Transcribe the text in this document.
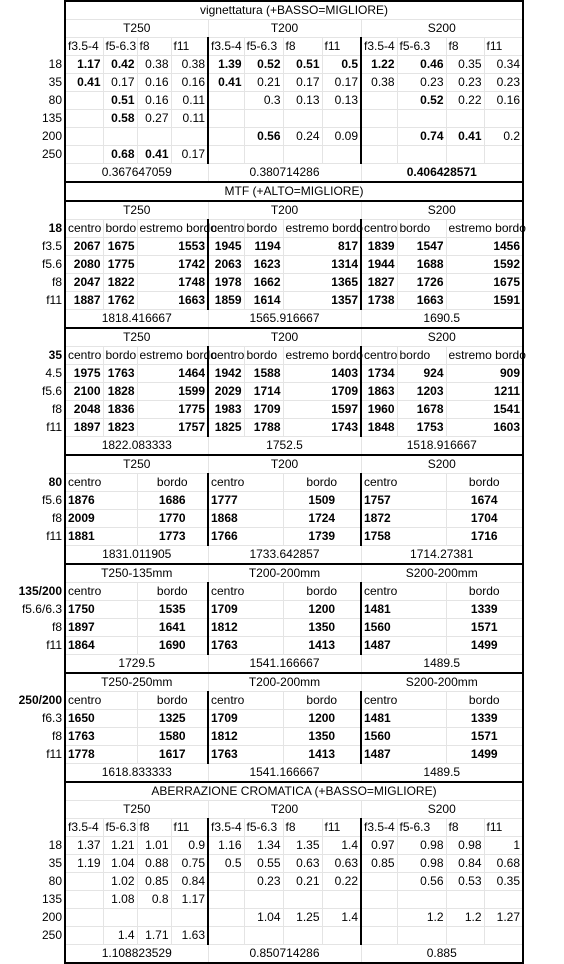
	vignettatura (+BASSO=MIGLIORE)											
	T250				T200				S200			
	f3.5-4	f5-6.3	f8	f11	f3.5-4	f5-6.3	f8	f11	f3.5-4	f5-6.3	f8	f11
18	1.17	0.42	0.38	0.38	1.39	0.52	0.51	0.5	1.22	0.46	0.35	0.34
35	0.41	0.17	0.16	0.16	0.41	0.21	0.17	0.17	0.38	0.23	0.23	0.23
80		0.51	0.16	0.11		0.3	0.13	0.13		0.52	0.22	0.16
135		0.58	0.27	0.11								
200						0.56	0.24	0.09		0.74	0.41	0.2
250		0.68	0.41	0.17								
	0.367647059				0.380714286				0.406428571			
	MTF (+ALTO=MIGLIORE)											
	T250				T200				S200			
18	centro	bordo	estremo bordo		centro	bordo	estremo bordo		centro	bordo	estremo bordo	
f3.5	2067	1675	1553		1945	1194	817		1839	1547	1456	
f5.6	2080	1775	1742		2063	1623	1314		1944	1688	1592	
f8	2047	1822	1748		1978	1662	1365		1827	1726	1675	
f11	1887	1762	1663		1859	1614	1357		1738	1663	1591	
	1818.416667				1565.916667				1690.5			
	T250				T200				S200			
35	centro	bordo	estremo bordo		centro	bordo	estremo bordo		centro	bordo	estremo bordo	
4.5	1975	1763	1464		1942	1588	1403		1734	924	909	
f5.6	2100	1828	1599		2029	1714	1709		1863	1203	1211	
f8	2048	1836	1775		1983	1709	1597		1960	1678	1541	
f11	1897	1823	1757		1825	1788	1743		1848	1753	1603	
	1822.083333				1752.5				1518.916667			
	T250				T200				S200			
80	centro		bordo		centro		bordo		centro		bordo	
f5.6	1876		1686		1777		1509		1757		1674	
f8	2009		1770		1868		1724		1872		1704	
f11	1881		1773		1766		1739		1758		1716	
	1831.011905				1733.642857				1714.27381			
	T250-135mm				T200-200mm				S200-200mm			
135/200	centro		bordo		centro		bordo		centro		bordo	
f5.6/6.3	1750		1535		1709		1200		1481		1339	
f8	1897		1641		1812		1350		1560		1571	
f11	1864		1690		1763		1413		1487		1499	
	1729.5				1541.166667				1489.5			
	T250-250mm				T200-200mm				S200-200mm			
250/200	centro		bordo		centro		bordo		centro		bordo	
f6.3	1650		1325		1709		1200		1481		1339	
f8	1763		1580		1812		1350		1560		1571	
f11	1778		1617		1763		1413		1487		1499	
	1618.833333				1541.166667				1489.5			
	ABERRAZIONE CROMATICA (+BASSO=MIGLIORE)											
	T250				T200				S200			
	f3.5-4	f5-6.3	f8	f11	f3.5-4	f5-6.3	f8	f11	f3.5-4	f5-6.3	f8	f11
18	1.37	1.21	1.01	0.9	1.16	1.34	1.35	1.4	0.97	0.98	0.98	1
35	1.19	1.04	0.88	0.75	0.5	0.55	0.63	0.63	0.85	0.98	0.84	0.68
80		1.02	0.85	0.84		0.23	0.21	0.22		0.56	0.53	0.35
135		1.08	0.8	1.17								
200						1.04	1.25	1.4		1.2	1.2	1.27
250		1.4	1.71	1.63								
	1.108823529				0.850714286				0.885			
